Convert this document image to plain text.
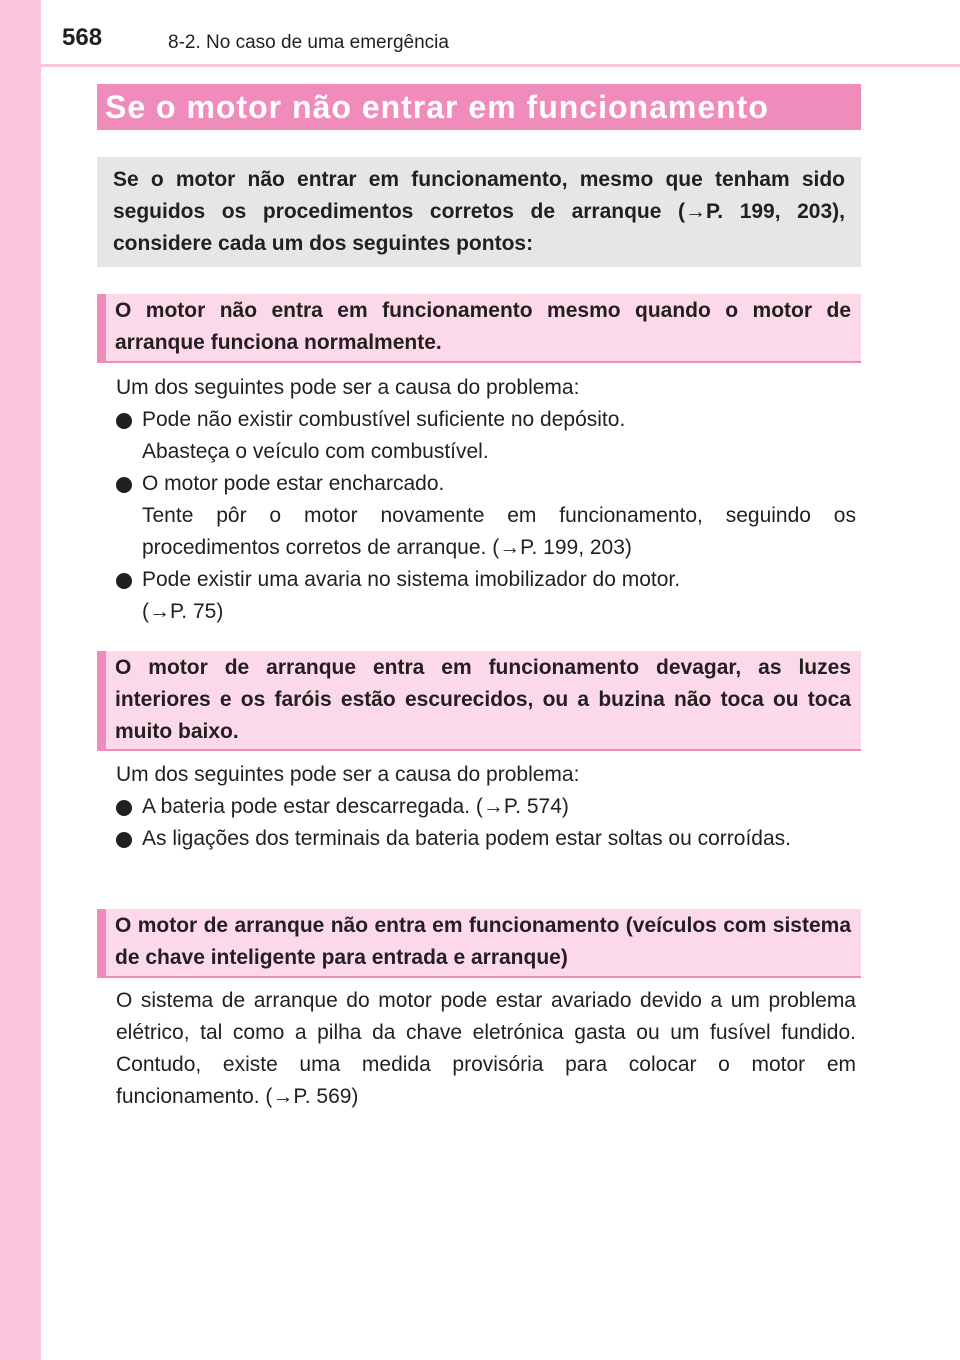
568	8-2. No caso de uma emergência
Se o motor não entrar em funcionamento
Se o motor não entrar em funcionamento, mesmo que tenham sido seguidos os procedimentos corretos de arranque (→P. 199, 203), considere cada um dos seguintes pontos:
O motor não entra em funcionamento mesmo quando o motor de arranque funciona normalmente.
Um dos seguintes pode ser a causa do problema:
Pode não existir combustível suficiente no depósito.
Abasteça o veículo com combustível.
O motor pode estar encharcado.
Tente pôr o motor novamente em funcionamento, seguindo os procedimentos corretos de arranque. (→P. 199, 203)
Pode existir uma avaria no sistema imobilizador do motor.
(→P. 75)
O motor de arranque entra em funcionamento devagar, as luzes interiores e os faróis estão escurecidos, ou a buzina não toca ou toca muito baixo.
Um dos seguintes pode ser a causa do problema:
A bateria pode estar descarregada. (→P. 574)
As ligações dos terminais da bateria podem estar soltas ou corroídas.
O motor de arranque não entra em funcionamento (veículos com sistema de chave inteligente para entrada e arranque)
O sistema de arranque do motor pode estar avariado devido a um problema elétrico, tal como a pilha da chave eletrónica gasta ou um fusível fundido. Contudo, existe uma medida provisória para colocar o motor em funcionamento. (→P. 569)
